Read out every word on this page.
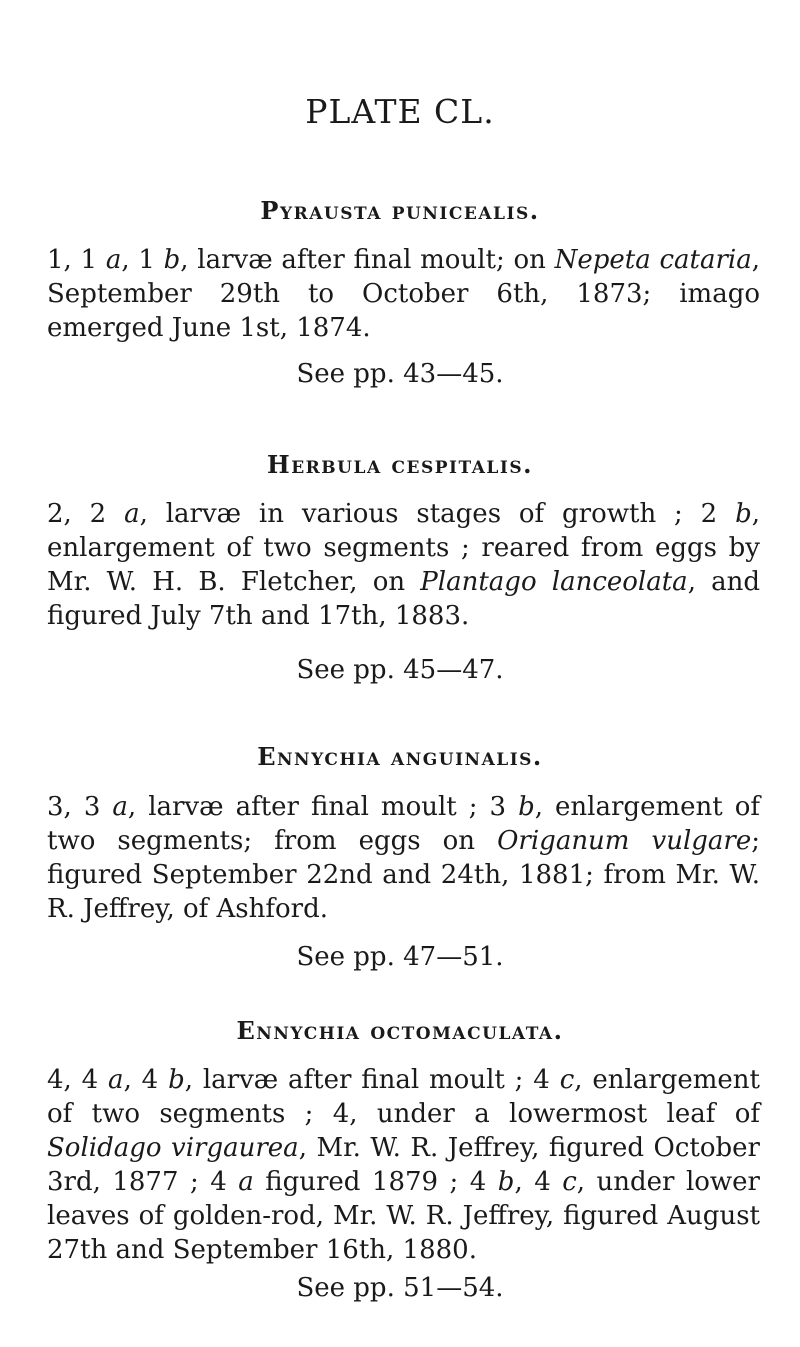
PLATE CL.
Pyrausta punicealis.

1, 1 a, 1 b, larvæ after final moult; on Nepeta cataria, September 29th to October 6th, 1873; imago emerged June 1st, 1874.

See pp. 43—45.

Herbula cespitalis.

2, 2 a, larvæ in various stages of growth ; 2 b, enlargement of two segments ; reared from eggs by Mr. W. H. B. Fletcher, on Plantago lanceolata, and figured July 7th and 17th, 1883.

See pp. 45—47.

Ennychia anguinalis.

3, 3 a, larvæ after final moult ; 3 b, enlargement of two segments; from eggs on Origanum vulgare; figured September 22nd and 24th, 1881; from Mr. W. R. Jeffrey, of Ashford.

See pp. 47—51.

Ennychia octomaculata.

4, 4 a, 4 b, larvæ after final moult ; 4 c, enlargement of two segments ; 4, under a lowermost leaf of Solidago virgaurea, Mr. W. R. Jeffrey, figured October 3rd, 1877 ; 4 a figured 1879 ; 4 b, 4 c, under lower leaves of golden-rod, Mr. W. R. Jeffrey, figured August 27th and September 16th, 1880.

See pp. 51—54.
